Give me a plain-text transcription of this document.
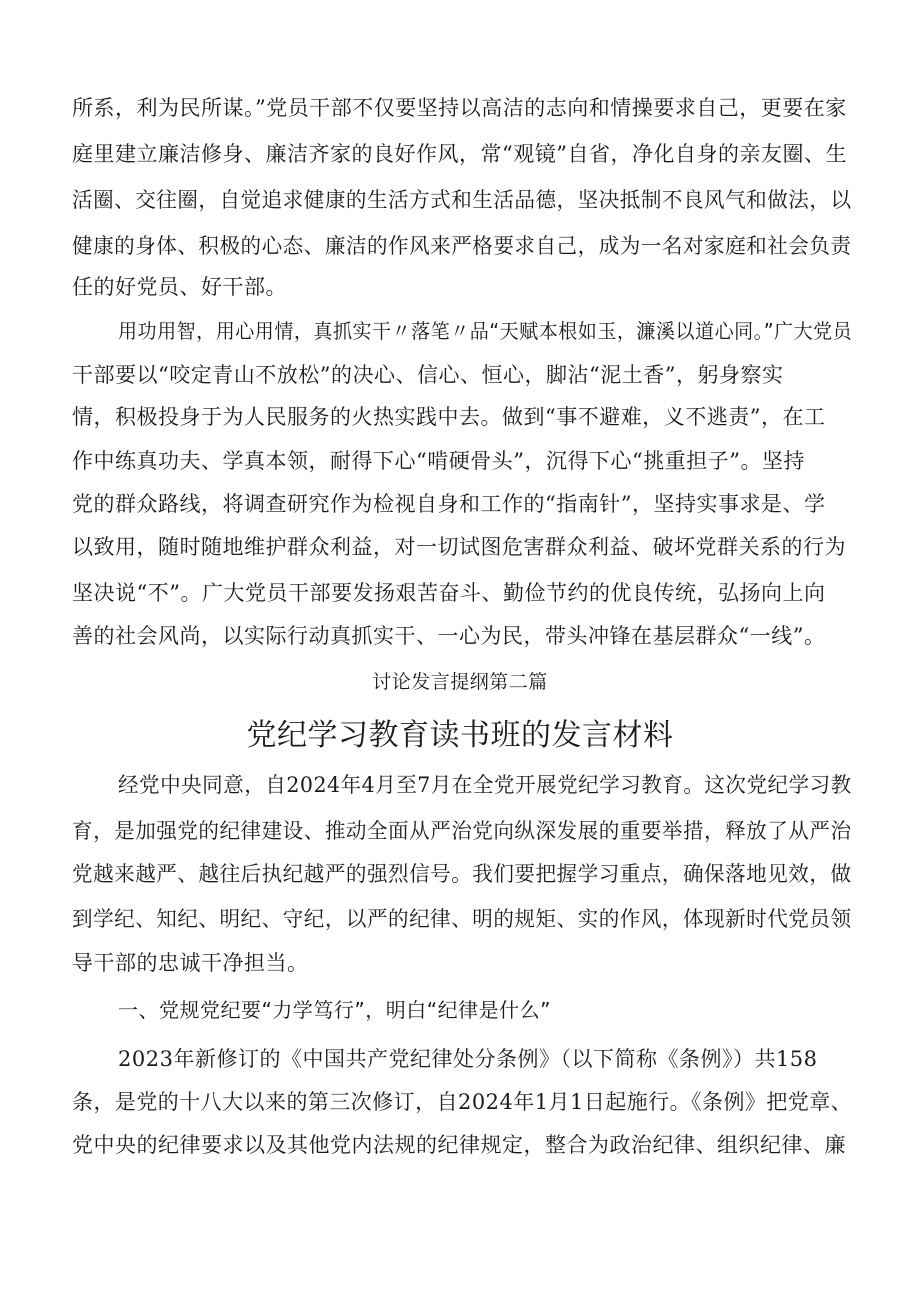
所系，利为民所谋。”党员干部不仅要坚持以高洁的志向和情操要求自己，更要在家
庭里建立廉洁修身、廉洁齐家的良好作风，常“观镜”自省，净化自身的亲友圈、生
活圈、交往圈，自觉追求健康的生活方式和生活品德，坚决抵制不良风气和做法，以
健康的身体、积极的心态、廉洁的作风来严格要求自己，成为一名对家庭和社会负责
任的好党员、好干部。
用功用智，用心用情，真抓实干〃落笔〃品“天赋本根如玉，濂溪以道心同。”广大党员
干部要以“咬定青山不放松”的决心、信心、恒心，脚沾“泥土香”，躬身察实
情，积极投身于为人民服务的火热实践中去。做到“事不避难，义不逃责”，在工
作中练真功夫、学真本领，耐得下心“啃硬骨头”，沉得下心“挑重担子”。坚持
党的群众路线，将调查研究作为检视自身和工作的“指南针”，坚持实事求是、学
以致用，随时随地维护群众利益，对一切试图危害群众利益、破坏党群关系的行为
坚决说“不”。广大党员干部要发扬艰苦奋斗、勤俭节约的优良传统，弘扬向上向
善的社会风尚，以实际行动真抓实干、一心为民，带头冲锋在基层群众“一线”。
讨论发言提纲第二篇
党纪学习教育读书班的发言材料
经党中央同意，自2024年4月至7月在全党开展党纪学习教育。这次党纪学习教
育，是加强党的纪律建设、推动全面从严治党向纵深发展的重要举措，释放了从严治
党越来越严、越往后执纪越严的强烈信号。我们要把握学习重点，确保落地见效，做
到学纪、知纪、明纪、守纪，以严的纪律、明的规矩、实的作风，体现新时代党员领
导干部的忠诚干净担当。
一、党规党纪要“力学笃行”，明白“纪律是什么”
2023年新修订的《中国共产党纪律处分条例》（以下简称《条例》）共158
条，是党的十八大以来的第三次修订，自2024年1月1日起施行。《条例》把党章、
党中央的纪律要求以及其他党内法规的纪律规定，整合为政治纪律、组织纪律、廉
